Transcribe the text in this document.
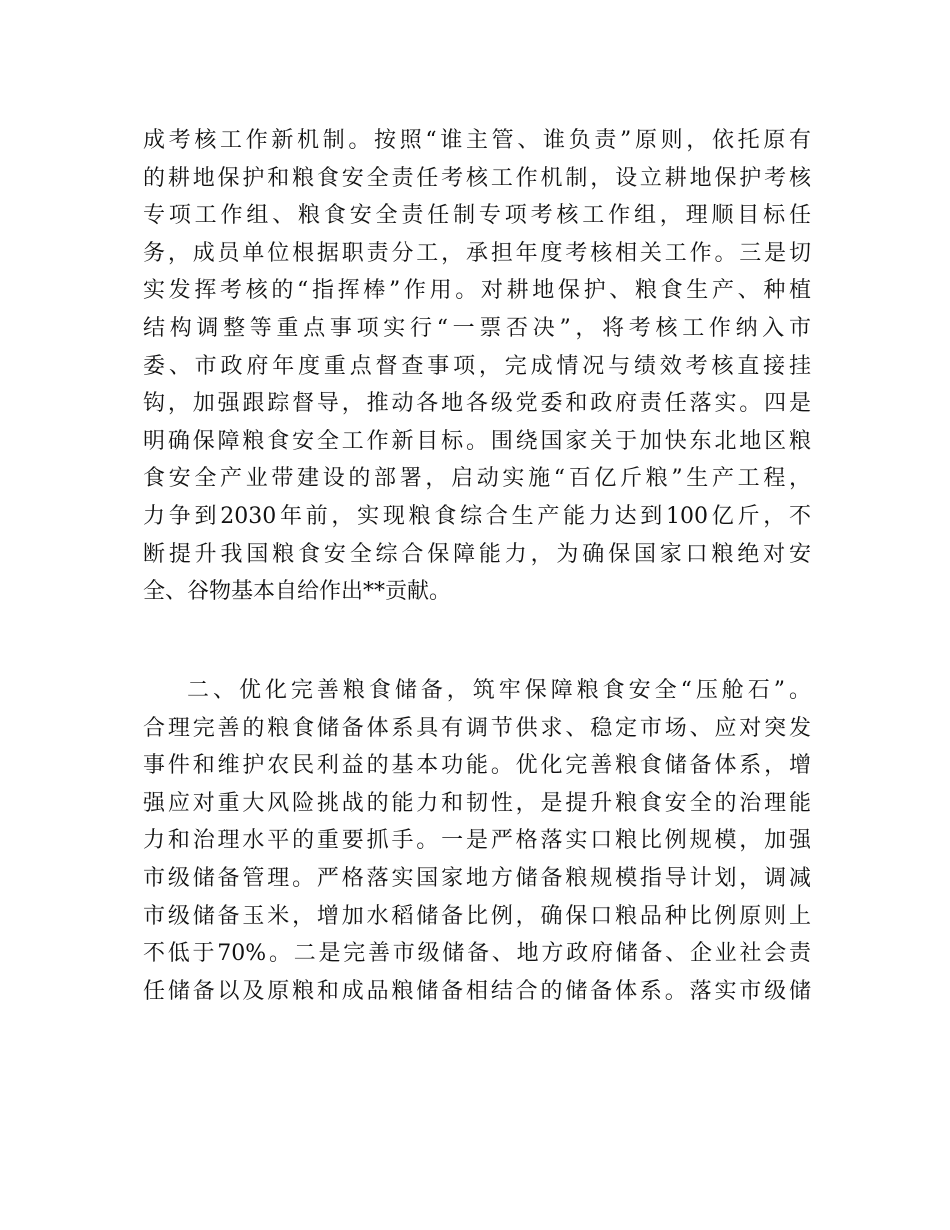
成考核工作新机制。按照“谁主管、谁负责”原则，依托原有
的耕地保护和粮食安全责任考核工作机制，设立耕地保护考核
专项工作组、粮食安全责任制专项考核工作组，理顺目标任
务，成员单位根据职责分工，承担年度考核相关工作。三是切
实发挥考核的“指挥棒”作用。对耕地保护、粮食生产、种植
结构调整等重点事项实行“一票否决”，将考核工作纳入市
委、市政府年度重点督查事项，完成情况与绩效考核直接挂
钩，加强跟踪督导，推动各地各级党委和政府责任落实。四是
明确保障粮食安全工作新目标。围绕国家关于加快东北地区粮
食安全产业带建设的部署，启动实施“百亿斤粮”生产工程，
力争到2030年前，实现粮食综合生产能力达到100亿斤，不
断提升我国粮食安全综合保障能力，为确保国家口粮绝对安
全、谷物基本自给作出**贡献。
二、优化完善粮食储备，筑牢保障粮食安全“压舱石”。
合理完善的粮食储备体系具有调节供求、稳定市场、应对突发
事件和维护农民利益的基本功能。优化完善粮食储备体系，增
强应对重大风险挑战的能力和韧性，是提升粮食安全的治理能
力和治理水平的重要抓手。一是严格落实口粮比例规模，加强
市级储备管理。严格落实国家地方储备粮规模指导计划，调减
市级储备玉米，增加水稻储备比例，确保口粮品种比例原则上
不低于70%。二是完善市级储备、地方政府储备、企业社会责
任储备以及原粮和成品粮储备相结合的储备体系。落实市级储
